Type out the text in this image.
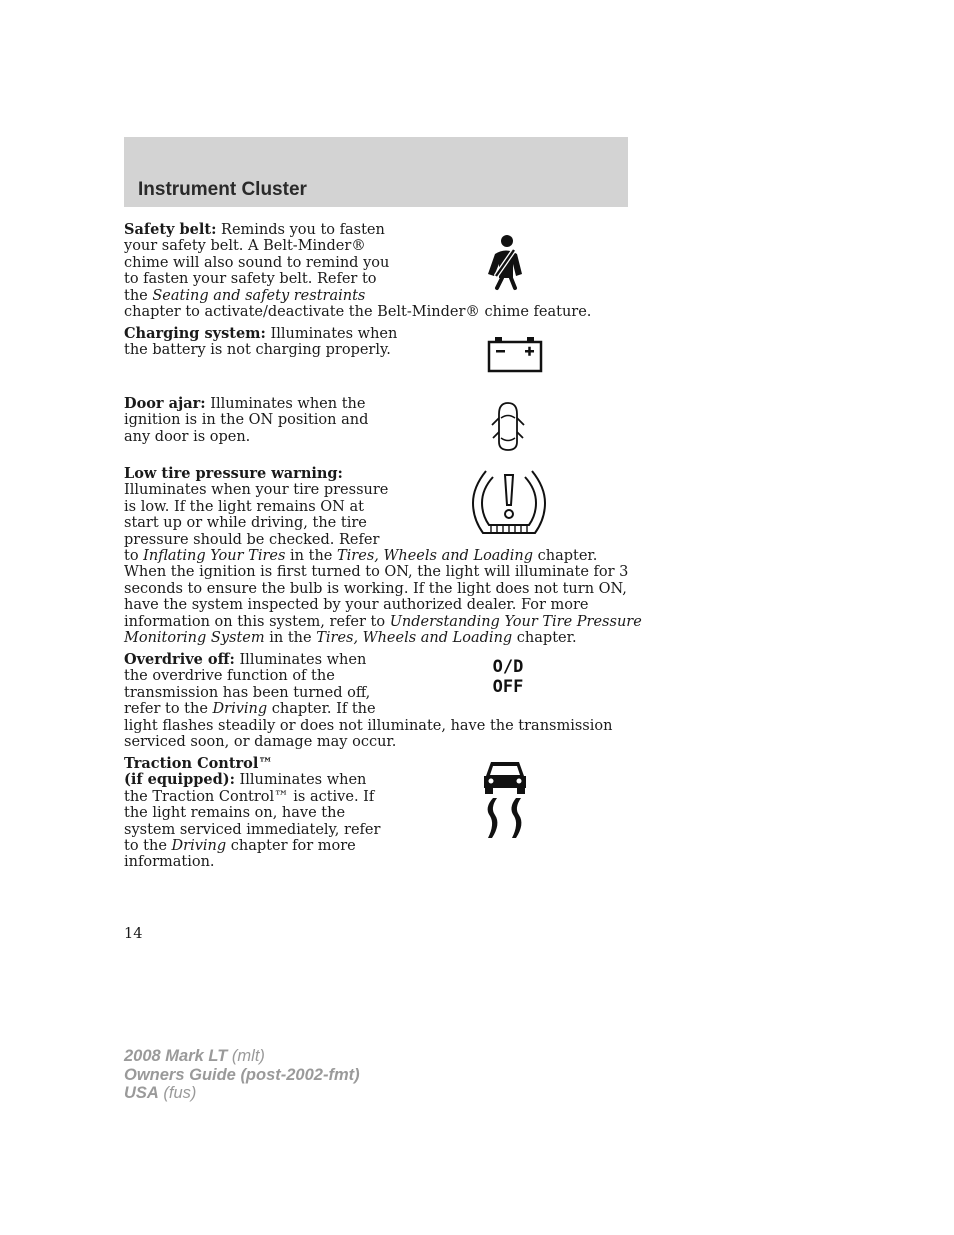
Instrument Cluster
Safety belt: Reminds you to fasten
your safety belt. A Belt-Minder®
chime will also sound to remind you
to fasten your safety belt. Refer to
the Seating and safety restraints
chapter to activate/deactivate the Belt-Minder® chime feature.
Charging system: Illuminates when
the battery is not charging properly.
Door ajar: Illuminates when the
ignition is in the ON position and
any door is open.
Low tire pressure warning:
Illuminates when your tire pressure
is low. If the light remains ON at
start up or while driving, the tire
pressure should be checked. Refer
to Inflating Your Tires in the Tires, Wheels and Loading chapter.
When the ignition is first turned to ON, the light will illuminate for 3
seconds to ensure the bulb is working. If the light does not turn ON,
have the system inspected by your authorized dealer. For more
information on this system, refer to Understanding Your Tire Pressure
Monitoring System in the Tires, Wheels and Loading chapter.
Overdrive off: Illuminates when
the overdrive function of the
transmission has been turned off,
refer to the Driving chapter. If the
light flashes steadily or does not illuminate, have the transmission
serviced soon, or damage may occur.
O/D
OFF
Traction Control™
(if equipped): Illuminates when
the Traction Control™ is active. If
the light remains on, have the
system serviced immediately, refer
to the Driving chapter for more
information.
14
2008 Mark LT (mlt)
Owners Guide (post-2002-fmt)
USA (fus)
